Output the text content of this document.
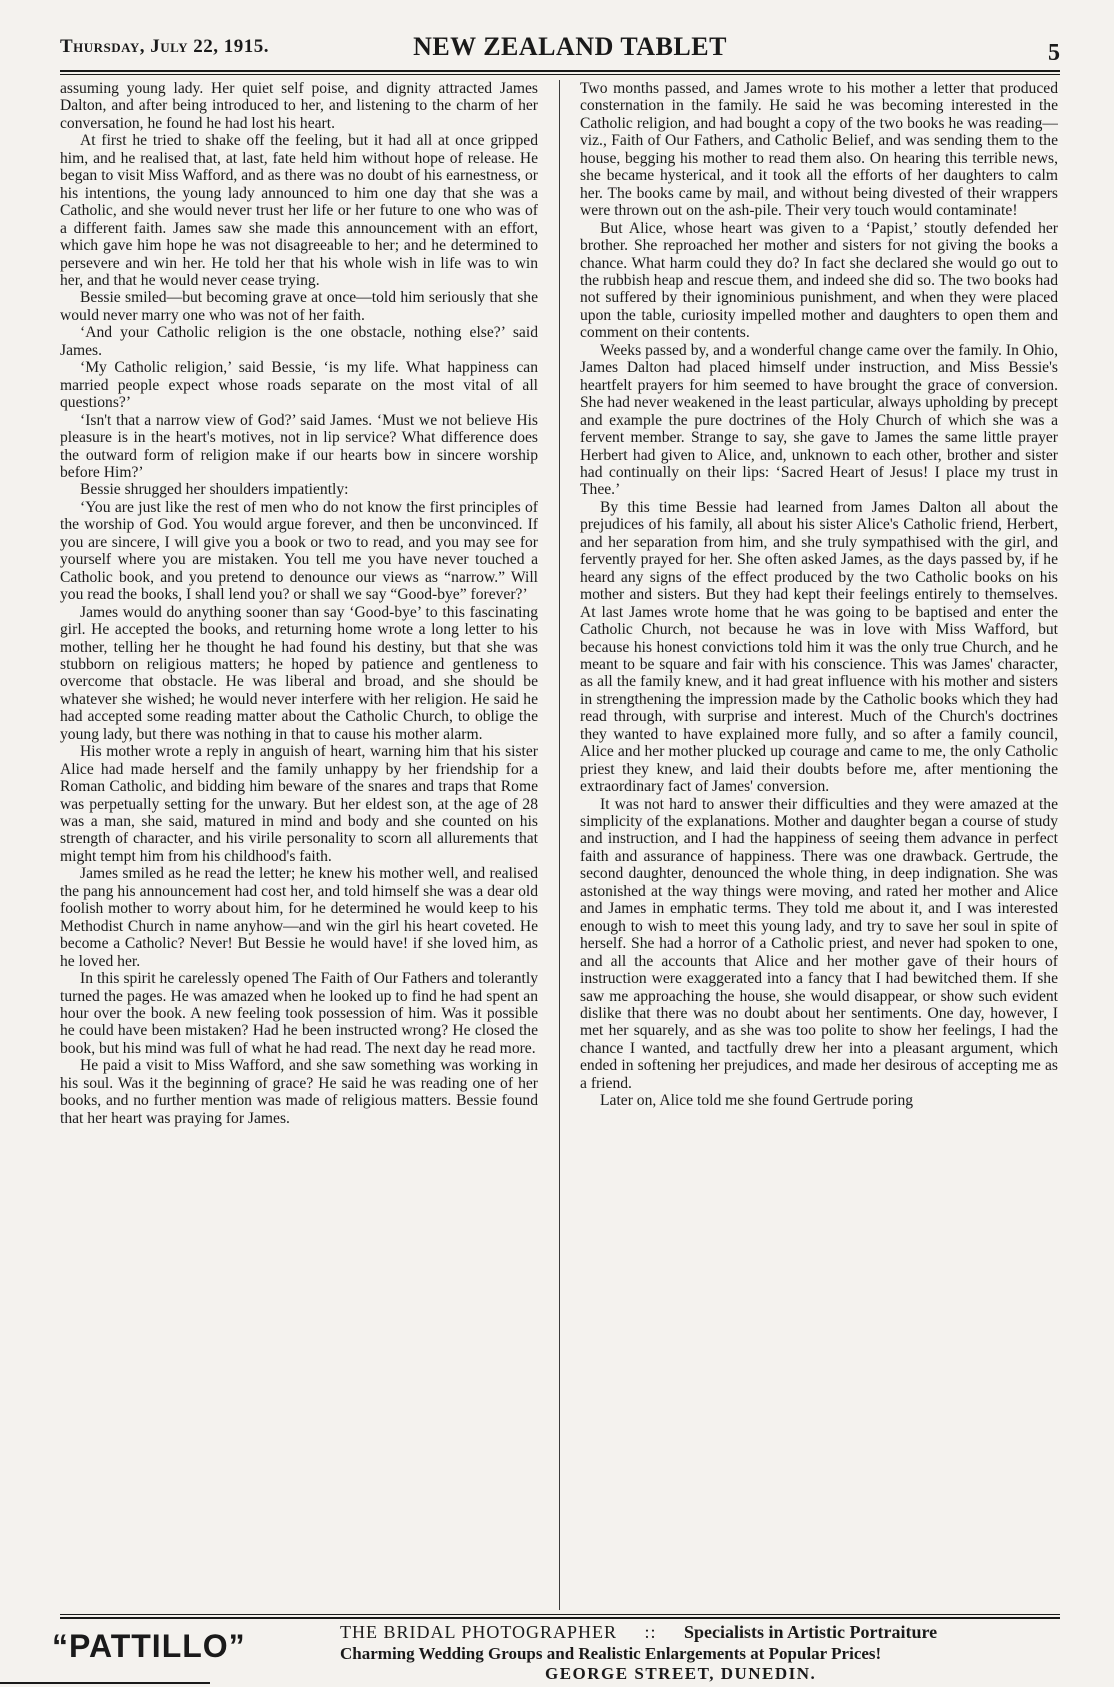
Thursday, July 22, 1915.	NEW ZEALAND TABLET	5

assuming young lady. Her quiet self poise, and dignity attracted James Dalton, and after being introduced to her, and listening to the charm of her conversation, he found he had lost his heart.

At first he tried to shake off the feeling, but it had all at once gripped him, and he realised that, at last, fate held him without hope of release. He began to visit Miss Wafford, and as there was no doubt of his earnestness, or his intentions, the young lady announced to him one day that she was a Catholic, and she would never trust her life or her future to one who was of a different faith. James saw she made this announcement with an effort, which gave him hope he was not disagreeable to her; and he determined to persevere and win her. He told her that his whole wish in life was to win her, and that he would never cease trying.

Bessie smiled—but becoming grave at once—told him seriously that she would never marry one who was not of her faith.

‘And your Catholic religion is the one obstacle, nothing else?’ said James.

‘My Catholic religion,’ said Bessie, ‘is my life. What happiness can married people expect whose roads separate on the most vital of all questions?’

‘Isn't that a narrow view of God?’ said James. ‘Must we not believe His pleasure is in the heart's motives, not in lip service? What difference does the outward form of religion make if our hearts bow in sincere worship before Him?’

Bessie shrugged her shoulders impatiently:

‘You are just like the rest of men who do not know the first principles of the worship of God. You would argue forever, and then be unconvinced. If you are sincere, I will give you a book or two to read, and you may see for yourself where you are mistaken. You tell me you have never touched a Catholic book, and you pretend to denounce our views as “narrow.” Will you read the books, I shall lend you? or shall we say “Good-bye” forever?’

James would do anything sooner than say ‘Good-bye’ to this fascinating girl. He accepted the books, and returning home wrote a long letter to his mother, telling her he thought he had found his destiny, but that she was stubborn on religious matters; he hoped by patience and gentleness to overcome that obstacle. He was liberal and broad, and she should be whatever she wished; he would never interfere with her religion. He said he had accepted some reading matter about the Catholic Church, to oblige the young lady, but there was nothing in that to cause his mother alarm.

His mother wrote a reply in anguish of heart, warning him that his sister Alice had made herself and the family unhappy by her friendship for a Roman Catholic, and bidding him beware of the snares and traps that Rome was perpetually setting for the unwary. But her eldest son, at the age of 28 was a man, she said, matured in mind and body and she counted on his strength of character, and his virile personality to scorn all allurements that might tempt him from his childhood's faith.

James smiled as he read the letter; he knew his mother well, and realised the pang his announcement had cost her, and told himself she was a dear old foolish mother to worry about him, for he determined he would keep to his Methodist Church in name anyhow—and win the girl his heart coveted. He become a Catholic? Never! But Bessie he would have! if she loved him, as he loved her.

In this spirit he carelessly opened The Faith of Our Fathers and tolerantly turned the pages. He was amazed when he looked up to find he had spent an hour over the book. A new feeling took possession of him. Was it possible he could have been mistaken? Had he been instructed wrong? He closed the book, but his mind was full of what he had read. The next day he read more.

He paid a visit to Miss Wafford, and she saw something was working in his soul. Was it the beginning of grace? He said he was reading one of her books, and no further mention was made of religious matters. Bessie found that her heart was praying for James.

Two months passed, and James wrote to his mother a letter that produced consternation in the family. He said he was becoming interested in the Catholic religion, and had bought a copy of the two books he was reading—viz., Faith of Our Fathers, and Catholic Belief, and was sending them to the house, begging his mother to read them also. On hearing this terrible news, she became hysterical, and it took all the efforts of her daughters to calm her. The books came by mail, and without being divested of their wrappers were thrown out on the ash-pile. Their very touch would contaminate!

But Alice, whose heart was given to a ‘Papist,’ stoutly defended her brother. She reproached her mother and sisters for not giving the books a chance. What harm could they do? In fact she declared she would go out to the rubbish heap and rescue them, and indeed she did so. The two books had not suffered by their ignominious punishment, and when they were placed upon the table, curiosity impelled mother and daughters to open them and comment on their contents.

Weeks passed by, and a wonderful change came over the family. In Ohio, James Dalton had placed himself under instruction, and Miss Bessie's heartfelt prayers for him seemed to have brought the grace of conversion. She had never weakened in the least particular, always upholding by precept and example the pure doctrines of the Holy Church of which she was a fervent member. Strange to say, she gave to James the same little prayer Herbert had given to Alice, and, unknown to each other, brother and sister had continually on their lips: ‘Sacred Heart of Jesus! I place my trust in Thee.’

By this time Bessie had learned from James Dalton all about the prejudices of his family, all about his sister Alice's Catholic friend, Herbert, and her separation from him, and she truly sympathised with the girl, and fervently prayed for her. She often asked James, as the days passed by, if he heard any signs of the effect produced by the two Catholic books on his mother and sisters. But they had kept their feelings entirely to themselves. At last James wrote home that he was going to be baptised and enter the Catholic Church, not because he was in love with Miss Wafford, but because his honest convictions told him it was the only true Church, and he meant to be square and fair with his conscience. This was James' character, as all the family knew, and it had great influence with his mother and sisters in strengthening the impression made by the Catholic books which they had read through, with surprise and interest. Much of the Church's doctrines they wanted to have explained more fully, and so after a family council, Alice and her mother plucked up courage and came to me, the only Catholic priest they knew, and laid their doubts before me, after mentioning the extraordinary fact of James' conversion.

It was not hard to answer their difficulties and they were amazed at the simplicity of the explanations. Mother and daughter began a course of study and instruction, and I had the happiness of seeing them advance in perfect faith and assurance of happiness. There was one drawback. Gertrude, the second daughter, denounced the whole thing, in deep indignation. She was astonished at the way things were moving, and rated her mother and Alice and James in emphatic terms. They told me about it, and I was interested enough to wish to meet this young lady, and try to save her soul in spite of herself. She had a horror of a Catholic priest, and never had spoken to one, and all the accounts that Alice and her mother gave of their hours of instruction were exaggerated into a fancy that I had bewitched them. If she saw me approaching the house, she would disappear, or show such evident dislike that there was no doubt about her sentiments. One day, however, I met her squarely, and as she was too polite to show her feelings, I had the chance I wanted, and tactfully drew her into a pleasant argument, which ended in softening her prejudices, and made her desirous of accepting me as a friend.

Later on, Alice told me she found Gertrude poring

“PATTILLO”	THE BRIDAL PHOTOGRAPHER :: Specialists in Artistic Portraiture
Charming Wedding Groups and Realistic Enlargements at Popular Prices!
GEORGE STREET, DUNEDIN.
